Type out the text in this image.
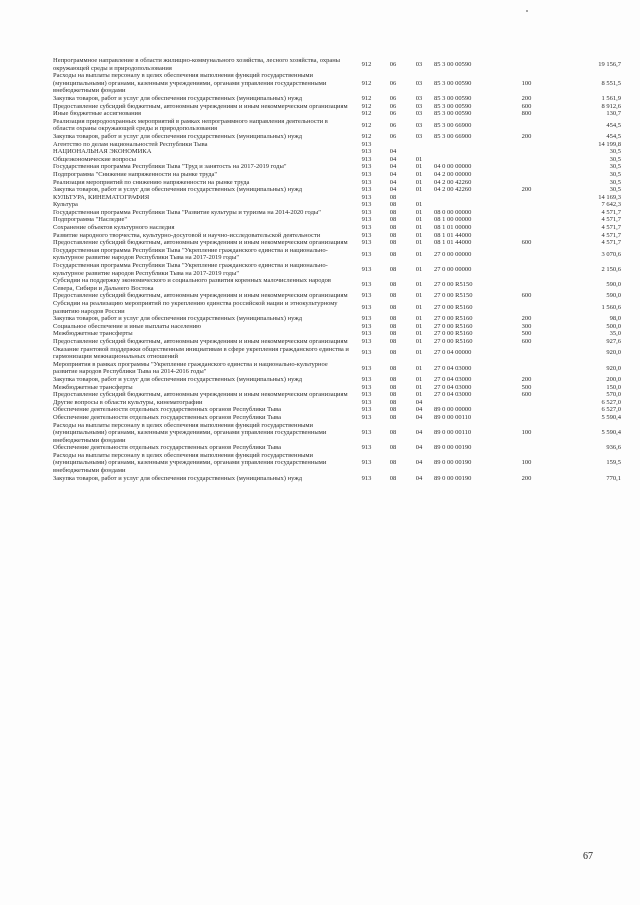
Непрограммное направление в области жилищно-коммунального хозяйства, лесного хозяйства, охраны окружающей среды и природопользования	912	06	03	85 3 00 00590		19 156,7
Расходы на выплаты персоналу в целях обеспечения выполнения функций государственными (муниципальными) органами, казенными учреждениями, органами управления государственными внебюджетными фондами	912	06	03	85 3 00 00590	100	8 551,5
Закупка товаров, работ и услуг для обеспечения государственных (муниципальных) нужд	912	06	03	85 3 00 00590	200	1 561,9
Предоставление субсидий бюджетным, автономным учреждениям и иным некоммерческим организациям	912	06	03	85 3 00 00590	600	8 912,6
Иные бюджетные ассигнования	912	06	03	85 3 00 00590	800	130,7
Реализация природоохранных мероприятий в рамках непрограммного направления деятельности в области охраны окружающей среды и природопользования	912	06	03	85 3 00 66900		454,5
Закупка товаров, работ и услуг для обеспечения государственных (муниципальных) нужд	912	06	03	85 3 00 66900	200	454,5
Агентство по делам национальностей Республики Тыва	913					14 199,8
НАЦИОНАЛЬНАЯ ЭКОНОМИКА	913	04				30,5
Общеэкономические вопросы	913	04	01			30,5
Государственная программа Республики Тыва "Труд и занятость на 2017-2019 годы"	913	04	01	04 0 00 00000		30,5
Подпрограмма "Снижение напряженности на рынке труда"	913	04	01	04 2 00 00000		30,5
Реализация мероприятий по снижению напряженности на рынке труда	913	04	01	04 2 00 42260		30,5
Закупка товаров, работ и услуг для обеспечения государственных (муниципальных) нужд	913	04	01	04 2 00 42260	200	30,5
КУЛЬТУРА, КИНЕМАТОГРАФИЯ	913	08				14 169,3
Культура	913	08	01			7 642,3
Государственная программа Республики Тыва "Развитие культуры и туризма на 2014-2020 годы"	913	08	01	08 0 00 00000		4 571,7
Подпрограмма "Наследие"	913	08	01	08 1 00 00000		4 571,7
Сохранение объектов культурного наследия	913	08	01	08 1 01 00000		4 571,7
Развитие народного творчества, культурно-досуговой и научно-исследовательской деятельности	913	08	01	08 1 01 44000		4 571,7
Предоставление субсидий бюджетным, автономным учреждениям и иным некоммерческим организациям	913	08	01	08 1 01 44000	600	4 571,7
Государственная программа Республики Тыва "Укрепление гражданского единства и национально-культурное развитие народов Республики Тыва на 2017-2019 годы"	913	08	01	27 0 00 00000		3 070,6
Государственная программа Республики Тыва "Укрепление гражданского единства и национально-культурное развитие народов Республики Тыва на 2017-2019 годы"	913	08	01	27 0 00 00000		2 150,6
Субсидии на поддержку экономического и социального развития коренных малочисленных народов Севера, Сибири и Дальнего Востока	913	08	01	27 0 00 R5150		590,0
Предоставление субсидий бюджетным, автономным учреждениям и иным некоммерческим организациям	913	08	01	27 0 00 R5150	600	590,0
Субсидии на реализацию мероприятий по укреплению единства российской нации и этнокультурному развитию народов России	913	08	01	27 0 00 R5160		1 560,6
Закупка товаров, работ и услуг для обеспечения государственных (муниципальных) нужд	913	08	01	27 0 00 R5160	200	98,0
Социальное обеспечение и иные выплаты населению	913	08	01	27 0 00 R5160	300	500,0
Межбюджетные трансферты	913	08	01	27 0 00 R5160	500	35,0
Предоставление субсидий бюджетным, автономным учреждениям и иным некоммерческим организациям	913	08	01	27 0 00 R5160	600	927,6
Оказание грантовой поддержки общественным инициативам в сфере укрепления гражданского единства и гармонизации межнациональных отношений	913	08	01	27 0 04 00000		920,0
Мероприятия в рамках программы "Укрепление гражданского единства и национально-культурное развитие народов Республики Тыва на 2014-2016 годы"	913	08	01	27 0 04 03000		920,0
Закупка товаров, работ и услуг для обеспечения государственных (муниципальных) нужд	913	08	01	27 0 04 03000	200	200,0
Межбюджетные трансферты	913	08	01	27 0 04 03000	500	150,0
Предоставление субсидий бюджетным, автономным учреждениям и иным некоммерческим организациям	913	08	01	27 0 04 03000	600	570,0
Другие вопросы в области культуры, кинематографии	913	08	04			6 527,0
Обеспечение деятельности отдельных государственных органов Республики Тыва	913	08	04	89 0 00 00000		6 527,0
Обеспечение деятельности отдельных государственных органов Республики Тыва	913	08	04	89 0 00 00110		5 590,4
Расходы на выплаты персоналу в целях обеспечения выполнения функций государственными (муниципальными) органами, казенными учреждениями, органами управления государственными внебюджетными фондами	913	08	04	89 0 00 00110	100	5 590,4
Обеспечение деятельности отдельных государственных органов Республики Тыва	913	08	04	89 0 00 00190		936,6
Расходы на выплаты персоналу в целях обеспечения выполнения функций государственными (муниципальными) органами, казенными учреждениями, органами управления государственными внебюджетными фондами	913	08	04	89 0 00 00190	100	159,5
Закупка товаров, работ и услуг для обеспечения государственных (муниципальных) нужд	913	08	04	89 0 00 00190	200	770,1
67
